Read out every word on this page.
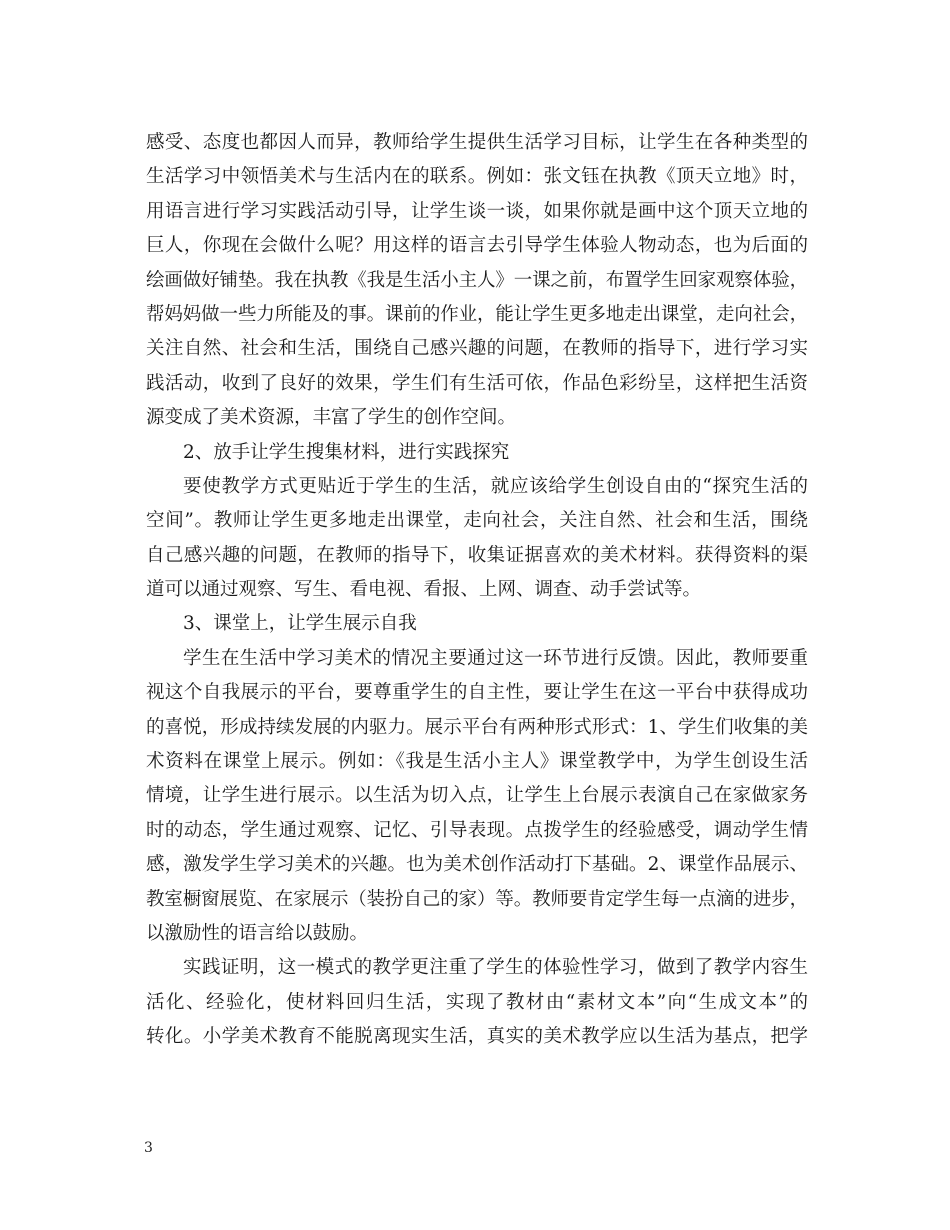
感受、态度也都因人而异，教师给学生提供生活学习目标，让学生在各种类型的
生活学习中领悟美术与生活内在的联系。例如：张文钰在执教《顶天立地》时，
用语言进行学习实践活动引导，让学生谈一谈，如果你就是画中这个顶天立地的
巨人，你现在会做什么呢？用这样的语言去引导学生体验人物动态，也为后面的
绘画做好铺垫。我在执教《我是生活小主人》一课之前，布置学生回家观察体验，
帮妈妈做一些力所能及的事。课前的作业，能让学生更多地走出课堂，走向社会，
关注自然、社会和生活，围绕自己感兴趣的问题，在教师的指导下，进行学习实
践活动，收到了良好的效果，学生们有生活可依，作品色彩纷呈，这样把生活资
源变成了美术资源，丰富了学生的创作空间。
2、放手让学生搜集材料，进行实践探究
要使教学方式更贴近于学生的生活，就应该给学生创设自由的“探究生活的
空间”。教师让学生更多地走出课堂，走向社会，关注自然、社会和生活，围绕
自己感兴趣的问题，在教师的指导下，收集证据喜欢的美术材料。获得资料的渠
道可以通过观察、写生、看电视、看报、上网、调查、动手尝试等。
3、课堂上，让学生展示自我
学生在生活中学习美术的情况主要通过这一环节进行反馈。因此，教师要重
视这个自我展示的平台，要尊重学生的自主性，要让学生在这一平台中获得成功
的喜悦，形成持续发展的内驱力。展示平台有两种形式形式：1、学生们收集的美
术资料在课堂上展示。例如：《我是生活小主人》课堂教学中，为学生创设生活
情境，让学生进行展示。以生活为切入点，让学生上台展示表演自己在家做家务
时的动态，学生通过观察、记忆、引导表现。点拨学生的经验感受，调动学生情
感，激发学生学习美术的兴趣。也为美术创作活动打下基础。2、课堂作品展示、
教室橱窗展览、在家展示（装扮自己的家）等。教师要肯定学生每一点滴的进步，
以激励性的语言给以鼓励。
实践证明，这一模式的教学更注重了学生的体验性学习，做到了教学内容生
活化、经验化，使材料回归生活，实现了教材由“素材文本”向“生成文本”的
转化。小学美术教育不能脱离现实生活，真实的美术教学应以生活为基点，把学
3
